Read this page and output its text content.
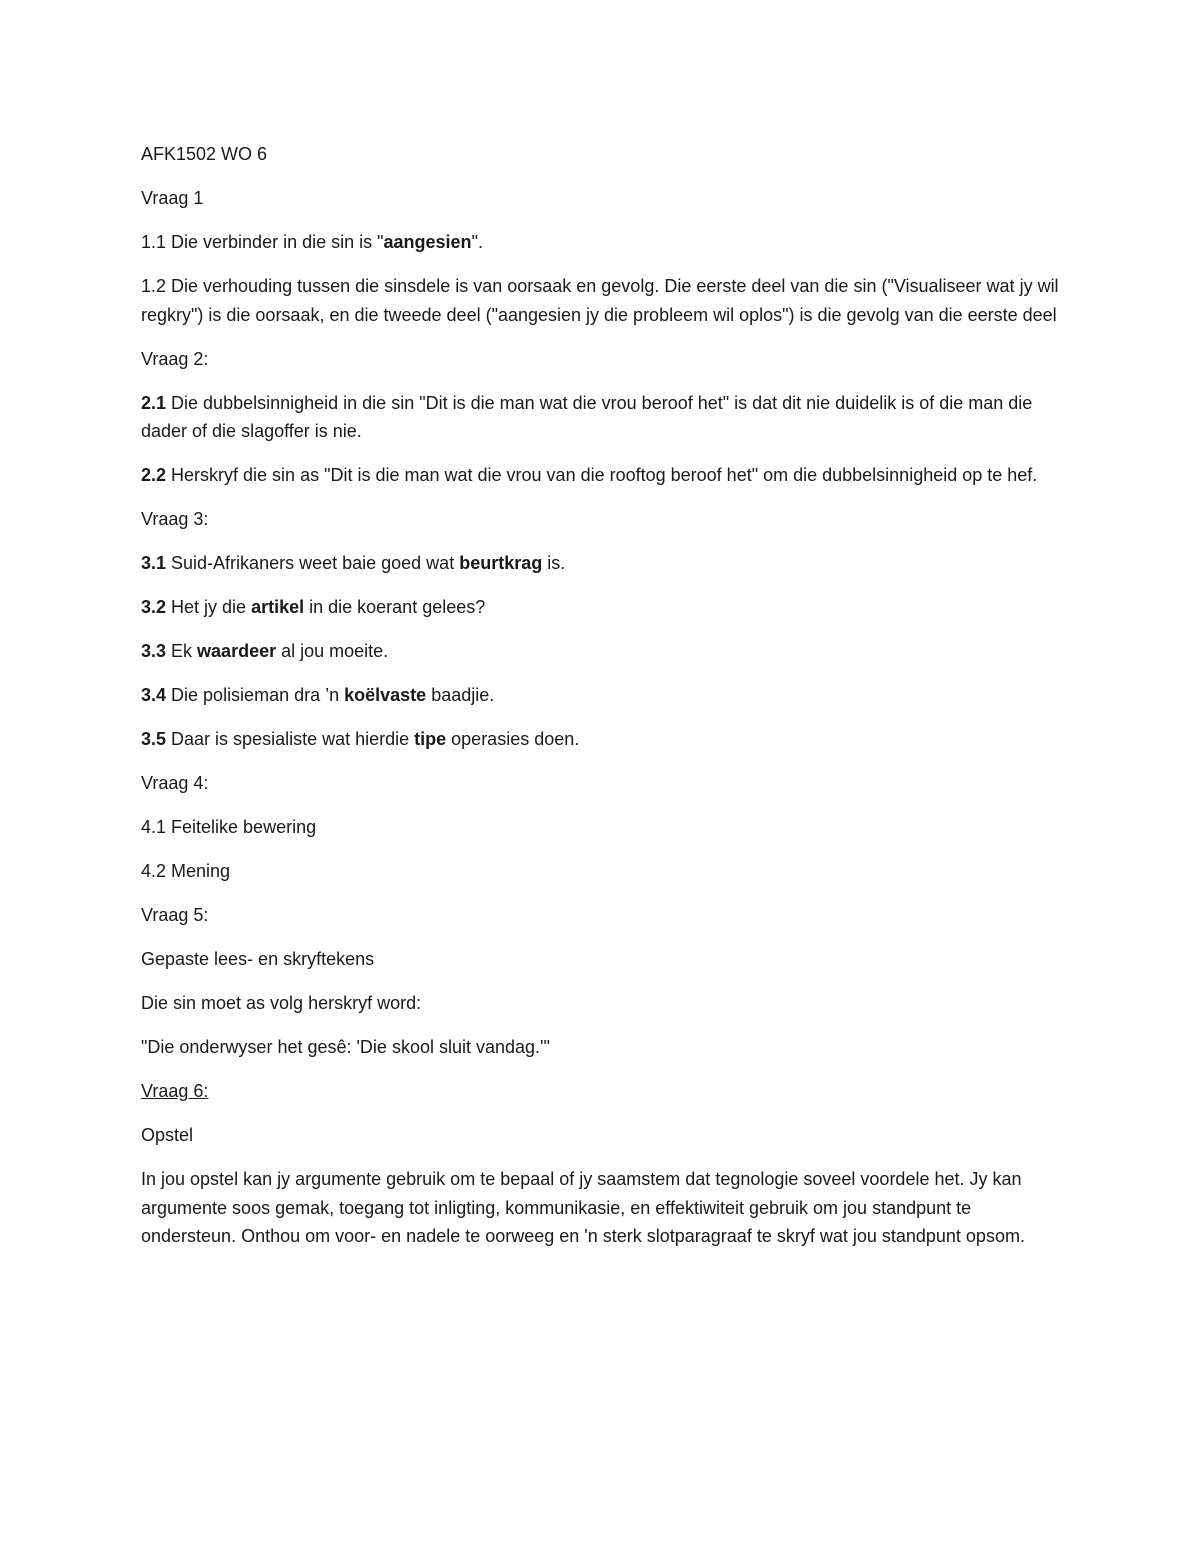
AFK1502 WO 6

Vraag 1

1.1 Die verbinder in die sin is "aangesien".

1.2 Die verhouding tussen die sinsdele is van oorsaak en gevolg. Die eerste deel van die sin ("Visualiseer wat jy wil regkry") is die oorsaak, en die tweede deel ("aangesien jy die probleem wil oplos") is die gevolg van die eerste deel

Vraag 2:

2.1 Die dubbelsinnigheid in die sin "Dit is die man wat die vrou beroof het" is dat dit nie duidelik is of die man die dader of die slagoffer is nie.

2.2 Herskryf die sin as "Dit is die man wat die vrou van die rooftog beroof het" om die dubbelsinnigheid op te hef.

Vraag 3:

3.1 Suid-Afrikaners weet baie goed wat beurtkrag is.

3.2 Het jy die artikel in die koerant gelees?

3.3 Ek waardeer al jou moeite.

3.4 Die polisieman dra ’n koëlvaste baadjie.

3.5 Daar is spesialiste wat hierdie tipe operasies doen.

Vraag 4:

4.1 Feitelike bewering

4.2 Mening

Vraag 5:

Gepaste lees- en skryftekens

Die sin moet as volg herskryf word:

"Die onderwyser het gesê: 'Die skool sluit vandag.'"

Vraag 6:

Opstel

In jou opstel kan jy argumente gebruik om te bepaal of jy saamstem dat tegnologie soveel voordele het. Jy kan argumente soos gemak, toegang tot inligting, kommunikasie, en effektiwiteit gebruik om jou standpunt te ondersteun. Onthou om voor- en nadele te oorweeg en 'n sterk slotparagraaf te skryf wat jou standpunt opsom.
